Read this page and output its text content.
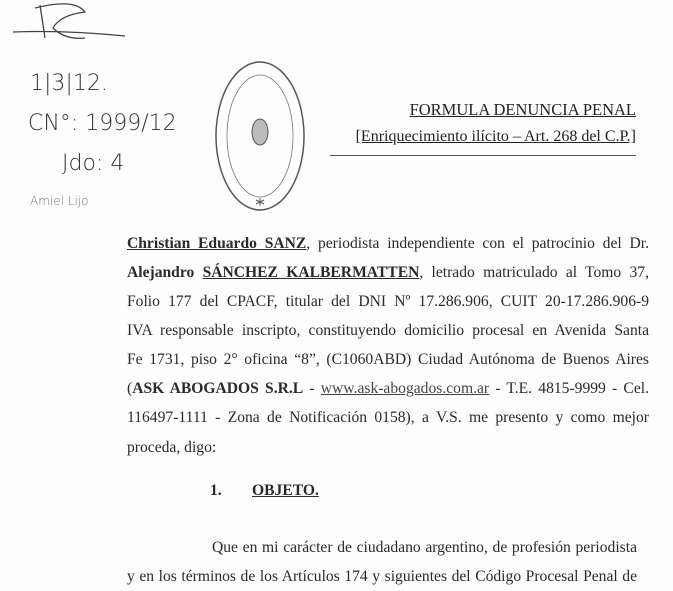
1|3|12.
CN°: 1999/12
Jdo: 4
Amiel Lijo
FORMULA DENUNCIA PENAL
[Enriquecimiento ilícito – Art. 268 del C.P.]
Christian Eduardo SANZ, periodista independiente con el patrocinio del Dr.
Alejandro SÁNCHEZ KALBERMATTEN, letrado matriculado al Tomo 37,
Folio 177 del CPACF, titular del DNI Nº 17.286.906, CUIT 20-17.286.906-9
IVA responsable inscripto, constituyendo domicilio procesal en Avenida Santa
Fe 1731, piso 2° oficina “8”, (C1060ABD) Ciudad Autónoma de Buenos Aires
(ASK ABOGADOS S.R.L - www.ask-abogados.com.ar - T.E. 4815-9999 - Cel.
116497-1111 - Zona de Notificación 0158), a V.S. me presento y como mejor
proceda, digo:
1. OBJETO.
Que en mi carácter de ciudadano argentino, de profesión periodista
y en los términos de los Artículos 174 y siguientes del Código Procesal Penal de
